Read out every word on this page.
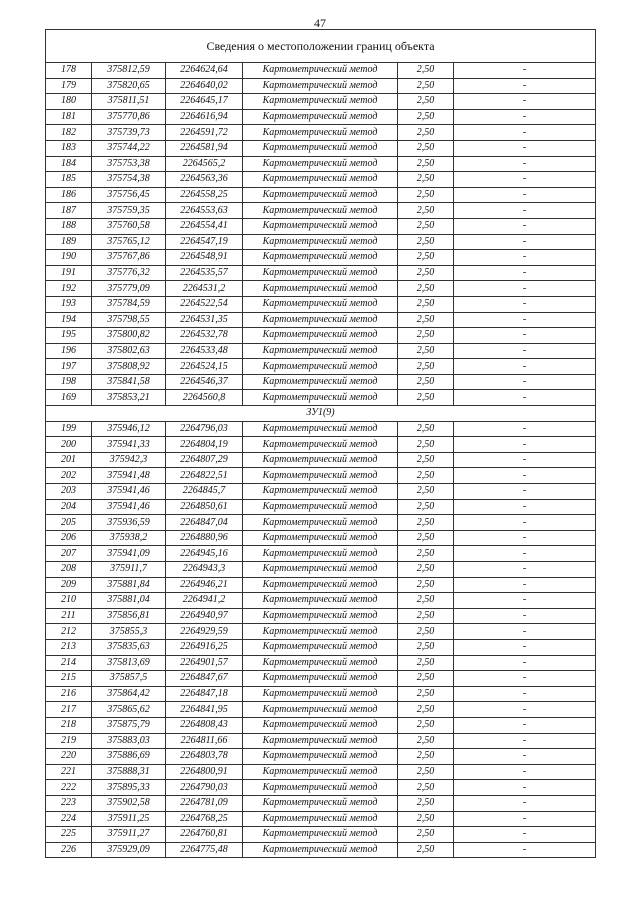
47
Сведения о местоположении границ объекта					
178	375812,59	2264624,64	Картометрический метод	2,50	-
179	375820,65	2264640,02	Картометрический метод	2,50	-
180	375811,51	2264645,17	Картометрический метод	2,50	-
181	375770,86	2264616,94	Картометрический метод	2,50	-
182	375739,73	2264591,72	Картометрический метод	2,50	-
183	375744,22	2264581,94	Картометрический метод	2,50	-
184	375753,38	2264565,2	Картометрический метод	2,50	-
185	375754,38	2264563,36	Картометрический метод	2,50	-
186	375756,45	2264558,25	Картометрический метод	2,50	-
187	375759,35	2264553,63	Картометрический метод	2,50	-
188	375760,58	2264554,41	Картометрический метод	2,50	-
189	375765,12	2264547,19	Картометрический метод	2,50	-
190	375767,86	2264548,91	Картометрический метод	2,50	-
191	375776,32	2264535,57	Картометрический метод	2,50	-
192	375779,09	2264531,2	Картометрический метод	2,50	-
193	375784,59	2264522,54	Картометрический метод	2,50	-
194	375798,55	2264531,35	Картометрический метод	2,50	-
195	375800,82	2264532,78	Картометрический метод	2,50	-
196	375802,63	2264533,48	Картометрический метод	2,50	-
197	375808,92	2264524,15	Картометрический метод	2,50	-
198	375841,58	2264546,37	Картометрический метод	2,50	-
169	375853,21	2264560,8	Картометрический метод	2,50	-
ЗУ1(9)					
199	375946,12	2264796,03	Картометрический метод	2,50	-
200	375941,33	2264804,19	Картометрический метод	2,50	-
201	375942,3	2264807,29	Картометрический метод	2,50	-
202	375941,48	2264822,51	Картометрический метод	2,50	-
203	375941,46	2264845,7	Картометрический метод	2,50	-
204	375941,46	2264850,61	Картометрический метод	2,50	-
205	375936,59	2264847,04	Картометрический метод	2,50	-
206	375938,2	2264880,96	Картометрический метод	2,50	-
207	375941,09	2264945,16	Картометрический метод	2,50	-
208	375911,7	2264943,3	Картометрический метод	2,50	-
209	375881,84	2264946,21	Картометрический метод	2,50	-
210	375881,04	2264941,2	Картометрический метод	2,50	-
211	375856,81	2264940,97	Картометрический метод	2,50	-
212	375855,3	2264929,59	Картометрический метод	2,50	-
213	375835,63	2264916,25	Картометрический метод	2,50	-
214	375813,69	2264901,57	Картометрический метод	2,50	-
215	375857,5	2264847,67	Картометрический метод	2,50	-
216	375864,42	2264847,18	Картометрический метод	2,50	-
217	375865,62	2264841,95	Картометрический метод	2,50	-
218	375875,79	2264808,43	Картометрический метод	2,50	-
219	375883,03	2264811,66	Картометрический метод	2,50	-
220	375886,69	2264803,78	Картометрический метод	2,50	-
221	375888,31	2264800,91	Картометрический метод	2,50	-
222	375895,33	2264790,03	Картометрический метод	2,50	-
223	375902,58	2264781,09	Картометрический метод	2,50	-
224	375911,25	2264768,25	Картометрический метод	2,50	-
225	375911,27	2264760,81	Картометрический метод	2,50	-
226	375929,09	2264775,48	Картометрический метод	2,50	-
